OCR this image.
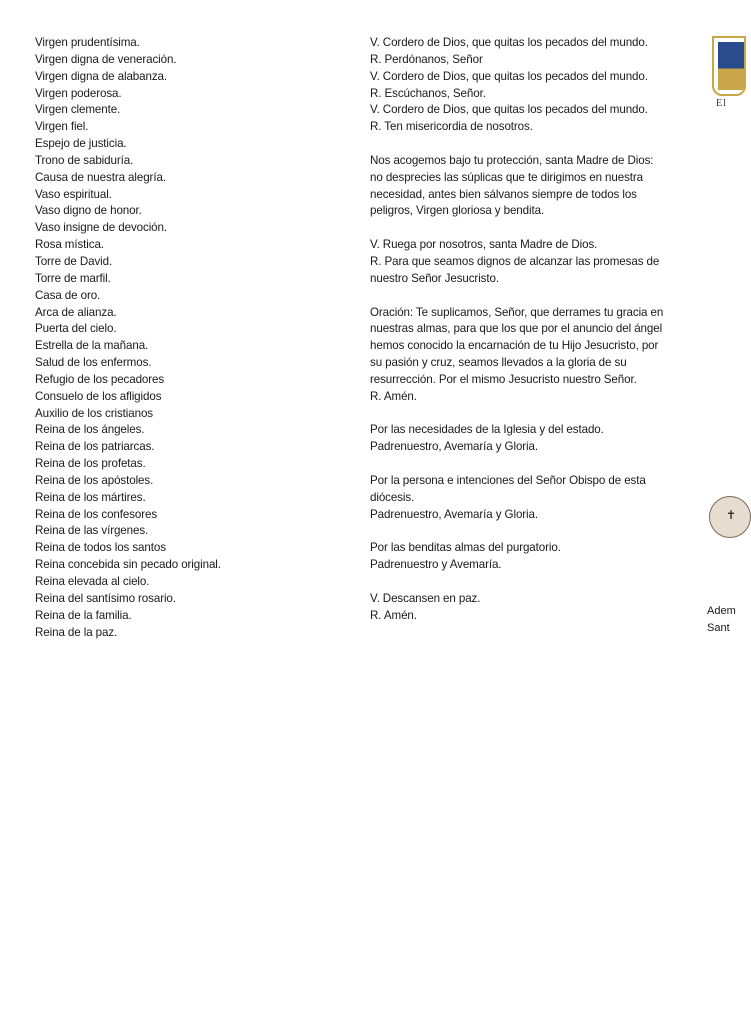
Virgen prudentísima.
Virgen digna de veneración.
Virgen digna de alabanza.
Virgen poderosa.
Virgen clemente.
Virgen fiel.
Espejo de justicia.
Trono de sabiduría.
Causa de nuestra alegría.
Vaso espiritual.
Vaso digno de honor.
Vaso insigne de devoción.
Rosa mística.
Torre de David.
Torre de marfil.
Casa de oro.
Arca de alianza.
Puerta del cielo.
Estrella de la mañana.
Salud de los enfermos.
Refugio de los pecadores
Consuelo de los afligidos
Auxilio de los cristianos
Reina de los ángeles.
Reina de los patriarcas.
Reina de los profetas.
Reina de los apóstoles.
Reina de los mártires.
Reina de los confesores
Reina de las vírgenes.
Reina de todos los santos
Reina concebida sin pecado original.
Reina elevada al cielo.
Reina del santísimo rosario.
Reina de la familia.
Reina de la paz.
V. Cordero de Dios, que quitas los pecados del mundo.
R. Perdónanos, Señor
V. Cordero de Dios, que quitas los pecados del mundo.
R. Escúchanos, Señor.
V. Cordero de Dios, que quitas los pecados del mundo.
R. Ten misericordia de nosotros.
Nos acogemos bajo tu protección, santa Madre de Dios:
no desprecies las súplicas que te dirigimos en nuestra
necesidad, antes bien sálvanos siempre de todos los
peligros, Virgen gloriosa y bendita.
V. Ruega por nosotros, santa Madre de Dios.
R. Para que seamos dignos de alcanzar las promesas de
nuestro Señor Jesucristo.
Oración: Te suplicamos, Señor, que derrames tu gracia en
nuestras almas, para que los que por el anuncio del ángel
hemos conocido la encarnación de tu Hijo Jesucristo, por
su pasión y cruz, seamos llevados a la gloria de su
resurrección. Por el mismo Jesucristo nuestro Señor.
R. Amén.
Por las necesidades de la Iglesia y del estado.
Padrenuestro, Avemaría y Gloria.
Por la persona e intenciones del Señor Obispo de esta
diócesis.
Padrenuestro, Avemaría y Gloria.
Por las benditas almas del purgatorio.
Padrenuestro y Avemaría.
V. Descansen en paz.
R. Amén.
El
✝
Adem
Sant
